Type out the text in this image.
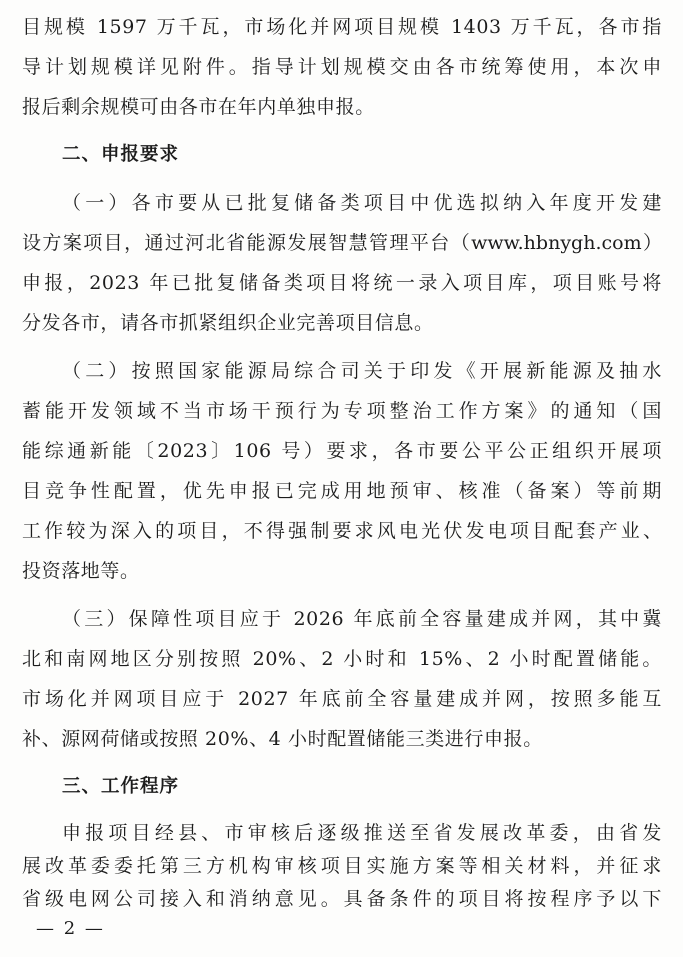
目规模 1597 万千瓦，市场化并网项目规模 1403 万千瓦，各市指
导计划规模详见附件。指导计划规模交由各市统筹使用，本次申
报后剩余规模可由各市在年内单独申报。
二、申报要求
（一）各市要从已批复储备类项目中优选拟纳入年度开发建
设方案项目，通过河北省能源发展智慧管理平台（www.hbnygh.com）
申报，2023 年已批复储备类项目将统一录入项目库，项目账号将
分发各市，请各市抓紧组织企业完善项目信息。
（二）按照国家能源局综合司关于印发《开展新能源及抽水
蓄能开发领域不当市场干预行为专项整治工作方案》的通知（国
能综通新能〔2023〕106 号）要求，各市要公平公正组织开展项
目竞争性配置，优先申报已完成用地预审、核准（备案）等前期
工作较为深入的项目，不得强制要求风电光伏发电项目配套产业、
投资落地等。
（三）保障性项目应于 2026 年底前全容量建成并网，其中冀
北和南网地区分别按照 20%、2 小时和 15%、2 小时配置储能。
市场化并网项目应于 2027 年底前全容量建成并网，按照多能互
补、源网荷储或按照 20%、4 小时配置储能三类进行申报。
三、工作程序
申报项目经县、市审核后逐级推送至省发展改革委，由省发
展改革委委托第三方机构审核项目实施方案等相关材料，并征求
— 2 —
省级电网公司接入和消纳意见。具备条件的项目将按程序予以下
